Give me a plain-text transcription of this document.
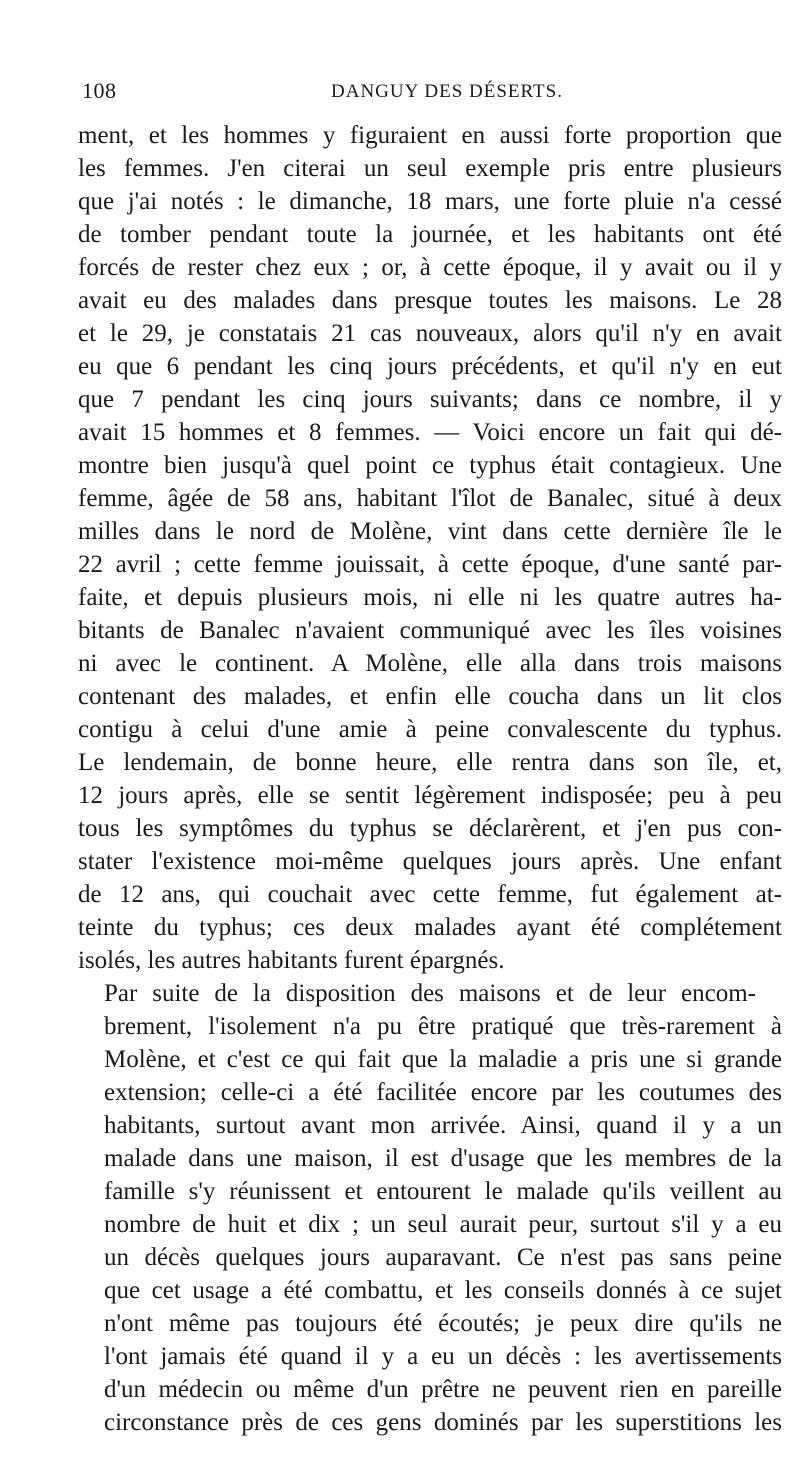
108	DANGUY DES DÉSERTS.
ment, et les hommes y figuraient en aussi forte proportion que
les femmes. J'en citerai un seul exemple pris entre plusieurs
que j'ai notés : le dimanche, 18 mars, une forte pluie n'a cessé
de tomber pendant toute la journée, et les habitants ont été
forcés de rester chez eux ; or, à cette époque, il y avait ou il y
avait eu des malades dans presque toutes les maisons. Le 28
et le 29, je constatais 21 cas nouveaux, alors qu'il n'y en avait
eu que 6 pendant les cinq jours précédents, et qu'il n'y en eut
que 7 pendant les cinq jours suivants; dans ce nombre, il y
avait 15 hommes et 8 femmes. — Voici encore un fait qui dé-
montre bien jusqu'à quel point ce typhus était contagieux. Une
femme, âgée de 58 ans, habitant l'îlot de Banalec, situé à deux
milles dans le nord de Molène, vint dans cette dernière île le
22 avril ; cette femme jouissait, à cette époque, d'une santé par-
faite, et depuis plusieurs mois, ni elle ni les quatre autres ha-
bitants de Banalec n'avaient communiqué avec les îles voisines
ni avec le continent. A Molène, elle alla dans trois maisons
contenant des malades, et enfin elle coucha dans un lit clos
contigu à celui d'une amie à peine convalescente du typhus.
Le lendemain, de bonne heure, elle rentra dans son île, et,
12 jours après, elle se sentit légèrement indisposée; peu à peu
tous les symptômes du typhus se déclarèrent, et j'en pus con-
stater l'existence moi-même quelques jours après. Une enfant
de 12 ans, qui couchait avec cette femme, fut également at-
teinte du typhus; ces deux malades ayant été complétement
isolés, les autres habitants furent épargnés.
Par suite de la disposition des maisons et de leur encom-
brement, l'isolement n'a pu être pratiqué que très-rarement à
Molène, et c'est ce qui fait que la maladie a pris une si grande
extension; celle-ci a été facilitée encore par les coutumes des
habitants, surtout avant mon arrivée. Ainsi, quand il y a un
malade dans une maison, il est d'usage que les membres de la
famille s'y réunissent et entourent le malade qu'ils veillent au
nombre de huit et dix ; un seul aurait peur, surtout s'il y a eu
un décès quelques jours auparavant. Ce n'est pas sans peine
que cet usage a été combattu, et les conseils donnés à ce sujet
n'ont même pas toujours été écoutés; je peux dire qu'ils ne
l'ont jamais été quand il y a eu un décès : les avertissements
d'un médecin ou même d'un prêtre ne peuvent rien en pareille
circonstance près de ces gens dominés par les superstitions les
